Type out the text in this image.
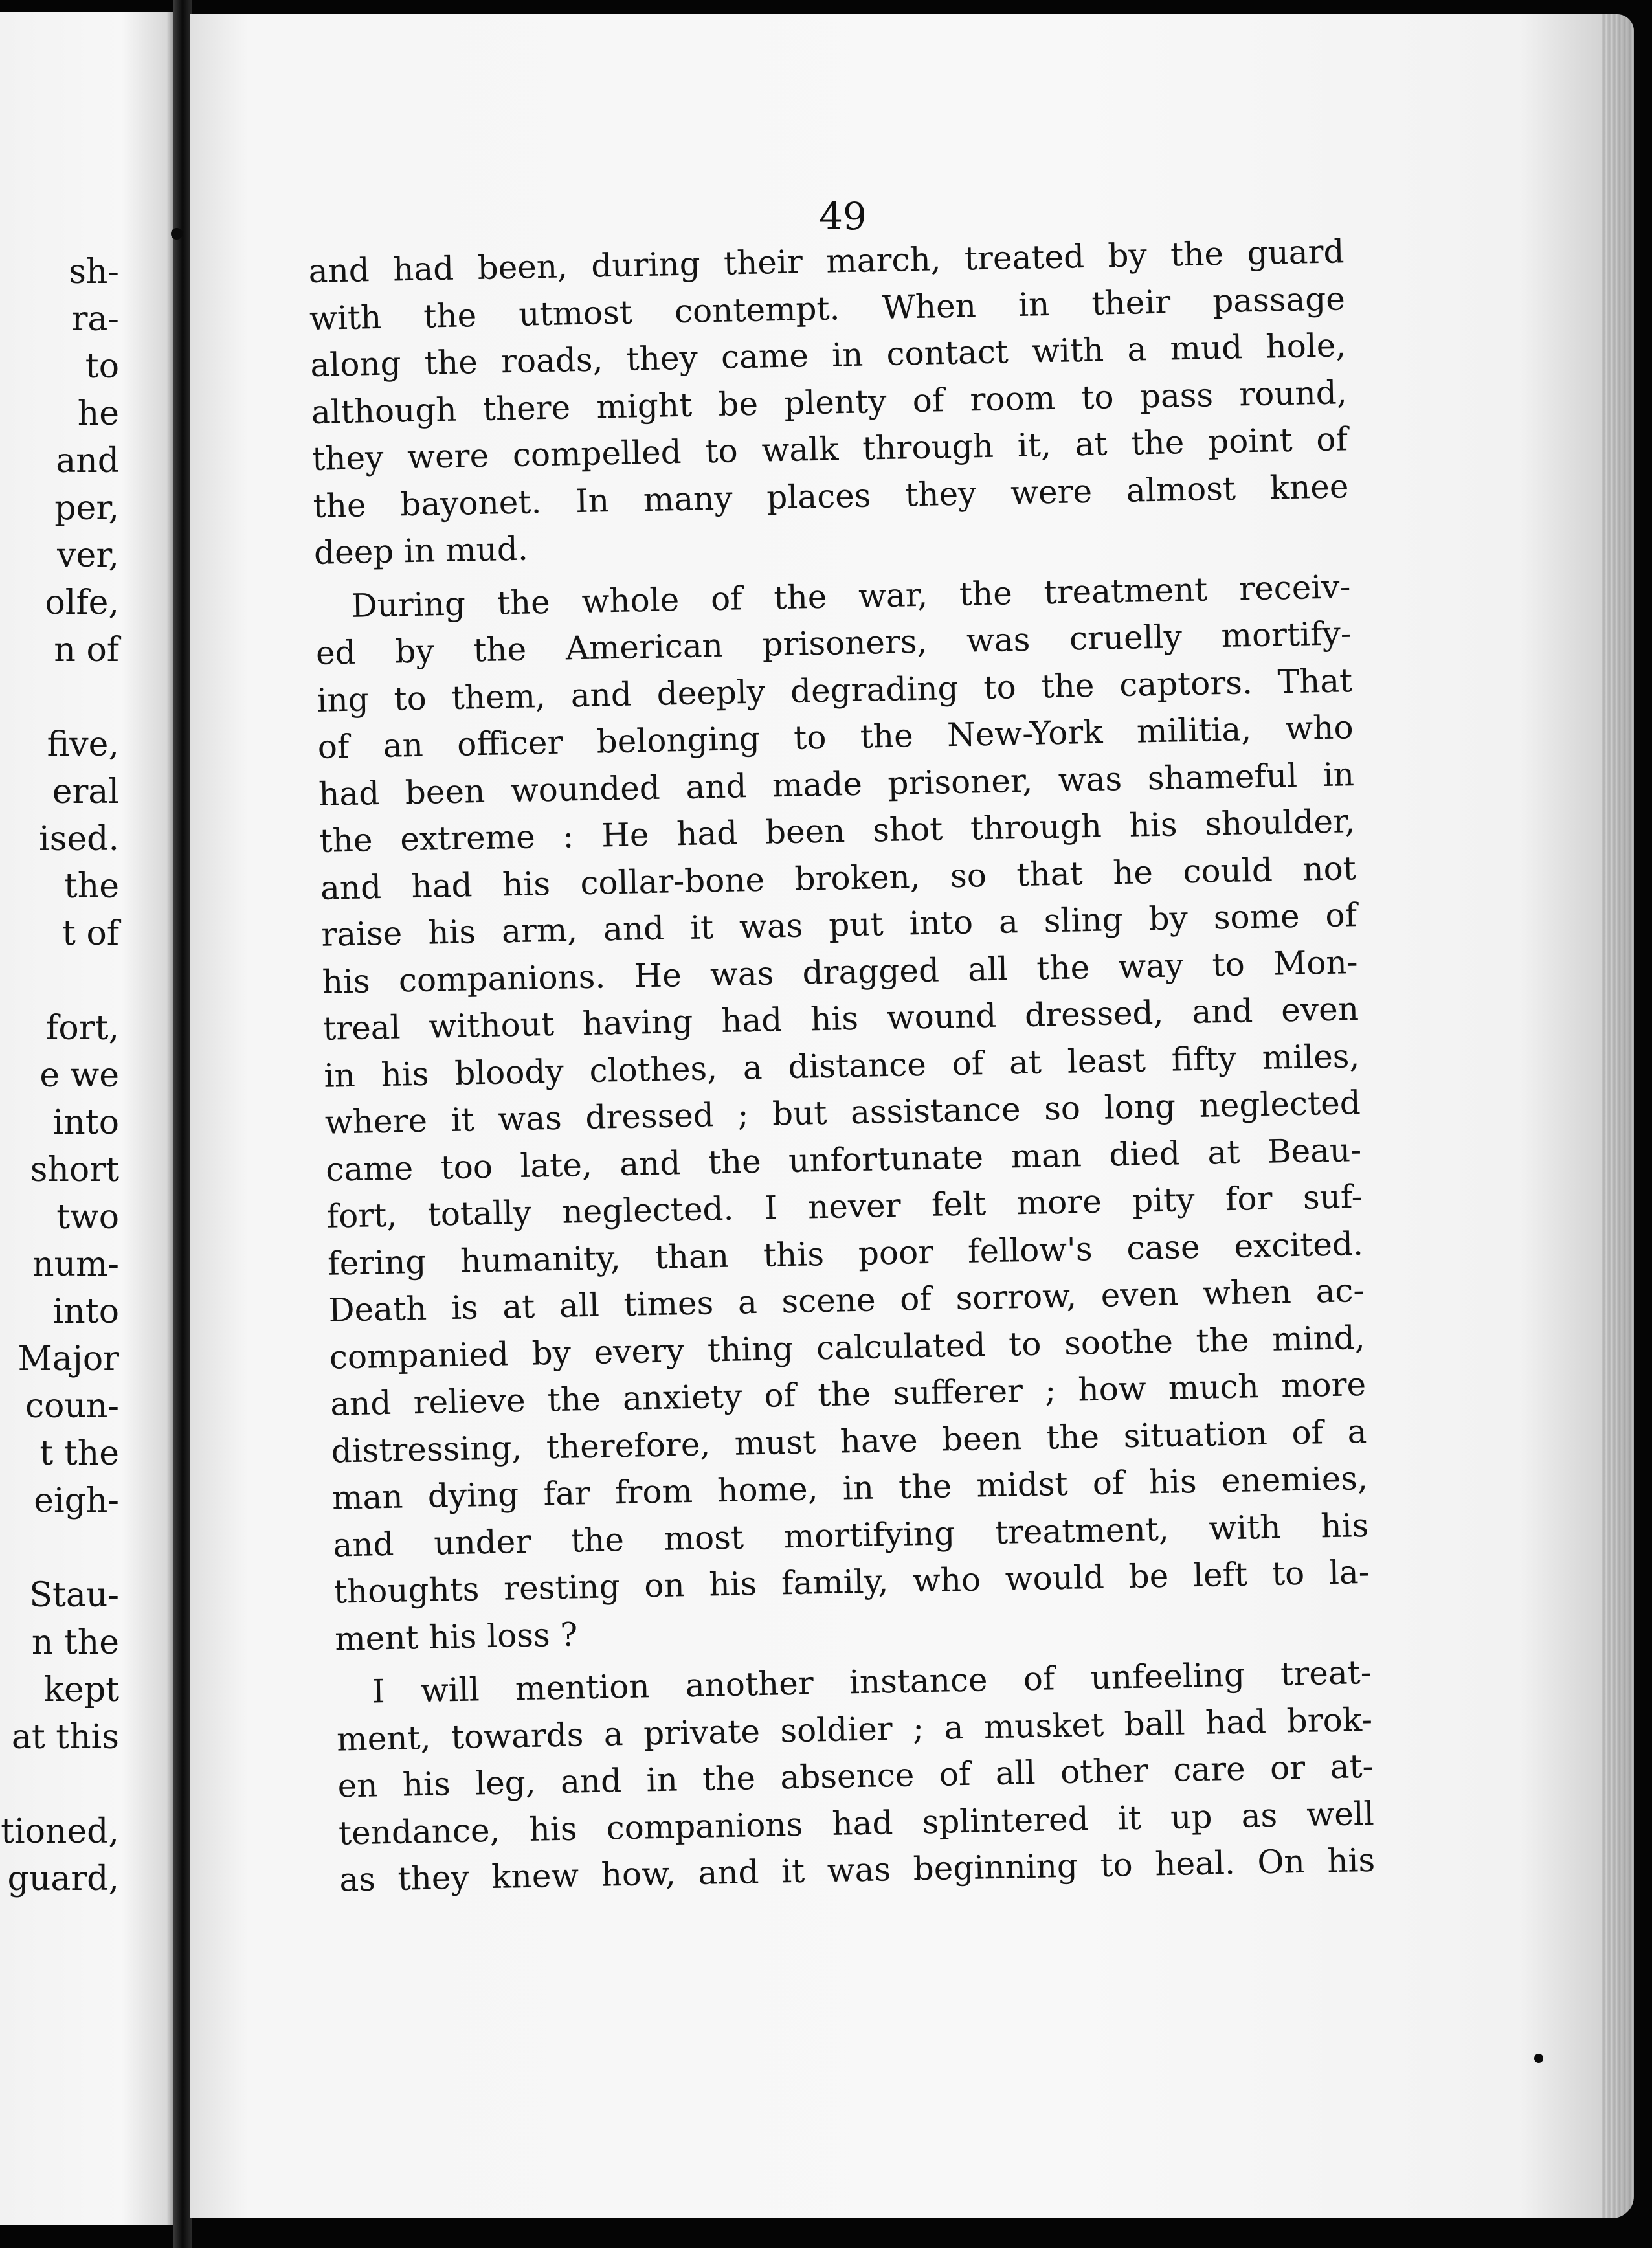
sh-
ra-
to
he
and
per,
ver,
olfe,
n of
five,
eral
ised.
the
t of
fort,
e we
into
short
two
num-
into
Major
coun-
t the
eigh-
Stau-
n the
kept
at this
tioned,
guard,
49
and had been, during their march, treated by the guard
with the utmost contempt. When in their passage
along the roads, they came in contact with a mud hole,
although there might be plenty of room to pass round,
they were compelled to walk through it, at the point of
the bayonet. In many places they were almost knee
deep in mud.
During the whole of the war, the treatment receiv-
ed by the American prisoners, was cruelly mortify-
ing to them, and deeply degrading to the captors. That
of an officer belonging to the New-York militia, who
had been wounded and made prisoner, was shameful in
the extreme : He had been shot through his shoulder,
and had his collar-bone broken, so that he could not
raise his arm, and it was put into a sling by some of
his companions. He was dragged all the way to Mon-
treal without having had his wound dressed, and even
in his bloody clothes, a distance of at least fifty miles,
where it was dressed ; but assistance so long neglected
came too late, and the unfortunate man died at Beau-
fort, totally neglected. I never felt more pity for suf-
fering humanity, than this poor fellow's case excited.
Death is at all times a scene of sorrow, even when ac-
companied by every thing calculated to soothe the mind,
and relieve the anxiety of the sufferer ; how much more
distressing, therefore, must have been the situation of a
man dying far from home, in the midst of his enemies,
and under the most mortifying treatment, with his
thoughts resting on his family, who would be left to la-
ment his loss ?
I will mention another instance of unfeeling treat-
ment, towards a private soldier ; a musket ball had brok-
en his leg, and in the absence of all other care or at-
tendance, his companions had splintered it up as well
as they knew how, and it was beginning to heal. On his
